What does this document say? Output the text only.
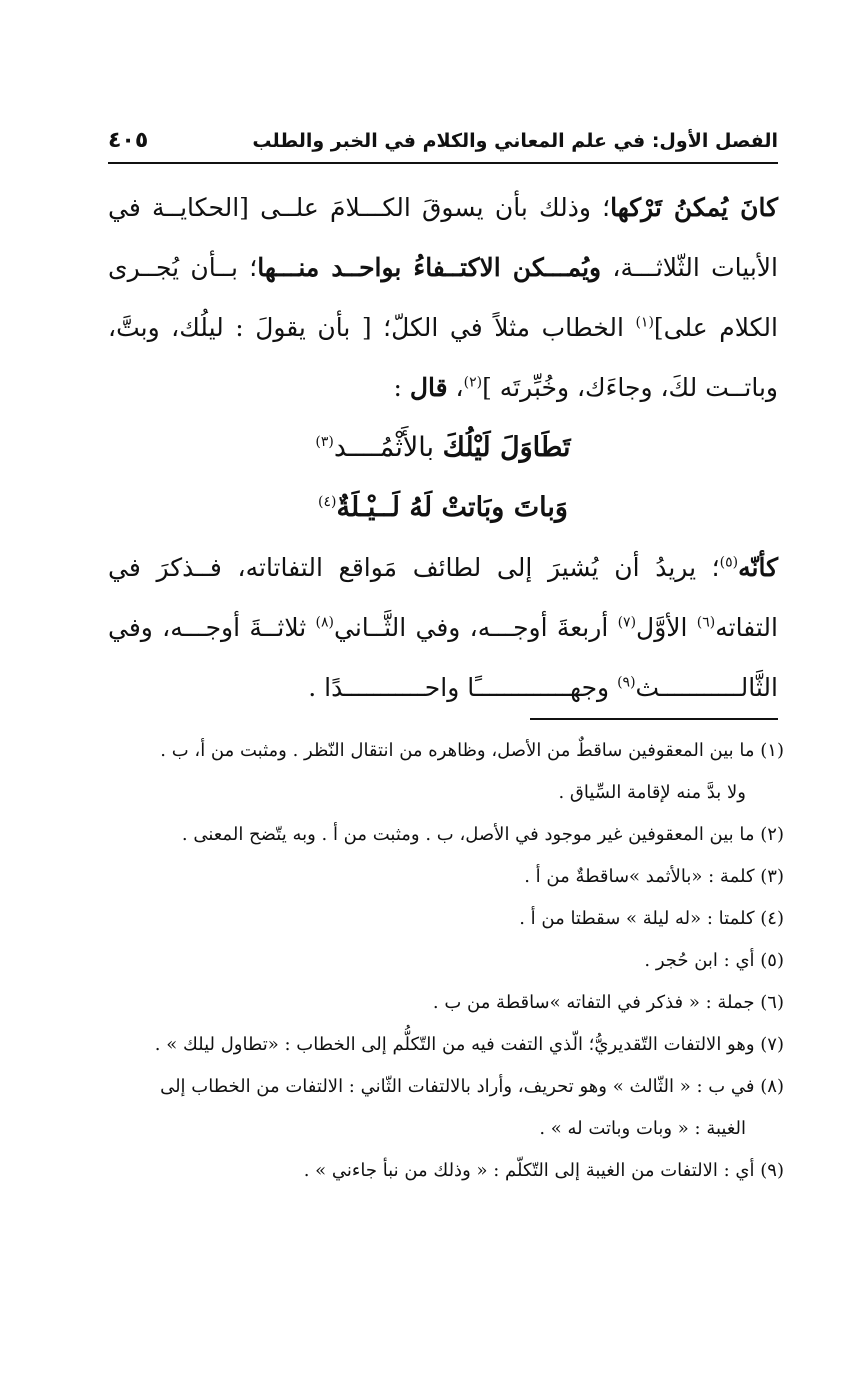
الفصل الأول: في علم المعاني والكلام في الخبر والطلب
٤٠٥

كانَ يُمكنُ تَرْكها؛ وذلك بأن يسوقَ الكـــلامَ علــى [الحكايــة في الأبيات الثّلاثـــة، ويُمـــكن الاكتــفاءُ بواحــد منـــها؛ بــأن يُجــرى الكلام على]$^{(١)}$ الخطاب مثلاً في الكلّ؛ [ بأن يقولَ : ليلُك، وبتَّ، وباتــت لكَ، وجاءَك، وخُبِّرتَه ]$^{(٢)}$، قال :

تَطَاوَلَ لَيْلُكَ بالأَثْمُــــد$^{(٣)}$
وَباتَ وبَاتتْ لَهُ لَــيْـلَةٌ$^{(٤)}$

كأنّه$^{(٥)}$؛ يريدُ أن يُشيرَ إلى لطائف مَواقع التفاتاته، فــذكرَ في التفاته$^{(٦)}$ الأوَّل$^{(٧)}$ أربعةَ أوجـــه، وفي الثَّــاني$^{(٨)}$ ثلاثــةَ أوجـــه، وفي الثَّالـــــــــــث$^{(٩)}$ وجهـــــــــــــًا واحـــــــــــدًا .

(١) ما بين المعقوفين ساقطٌ من الأصل، وظاهره من انتقال النّظر . ومثبت من أ، ب .
ولا بدَّ منه لإقامة السِّياق .
(٢) ما بين المعقوفين غير موجود في الأصل، ب . ومثبت من أ . وبه يتّضح المعنى .
(٣) كلمة : «بالأثمد »ساقطةٌ من أ .
(٤) كلمتا : «له ليلة » سقطتا من أ .
(٥) أي : ابن حُجر .
(٦) جملة : « فذكر في التفاته »ساقطة من ب .
(٧) وهو الالتفات التّقديريُّ؛ الّذي التفت فيه من التّكلُّم إلى الخطاب : «تطاول ليلك » .
(٨) في ب : « الثّالث » وهو تحريف، وأراد بالالتفات الثّاني : الالتفات من الخطاب إلى
الغيبة : « وبات وباتت له » .
(٩) أي : الالتفات من الغيبة إلى التّكلّم : « وذلك من نبأ جاءني » .
